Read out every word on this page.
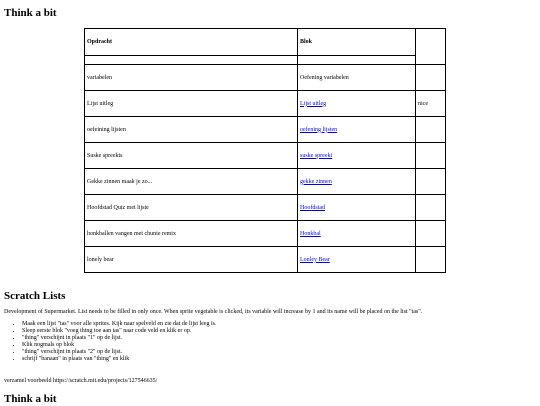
Think a bit
Opdracht	Blok	

variabelen	Oefening variabelen	
Lijst uitleg	Lijst uitleg	nice
oefeining lijsten	oefening lijsten	
Suske spreekts	suske spreekt	
Gekke zinnen maak je zo...	gekke zinnen	
Hoofdstad Quiz met lijste	Hoofdstad	
honkballen vangen met chunie remix	Honkbal	
lonely bear	Lonley Bear	
Scratch Lists

Development of Supermarket. List needs to be filled in only once. When sprite vegetable is clicked, its variable will increase by 1 and its name will be placed on the list "tas".

• Maak een lijst "tas" voor alle sprites. Kijk naar spelveld en zie dat de lijst leeg is.
• Sleep eerste blok "voeg thing toe aan tas" naar code veld en klik er op.
• "thing" verschijnt in plaats "1" op de lijst.
• Klik nogmals op blok
• "thing" verschijnt in plaats "2" op de lijst.
• schrijf "banaan" in plaats van "thing" en klik

verzamel voorbeeld https://scratch.mit.edu/projects/127546635/

Think a bit
